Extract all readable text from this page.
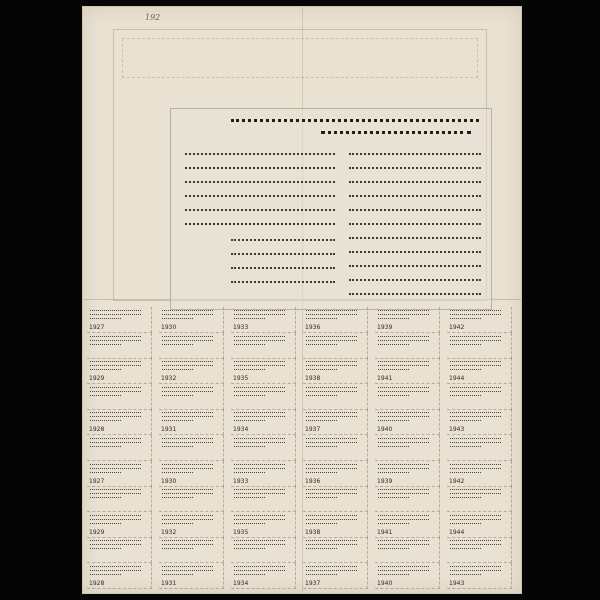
192
1927
1929
1928
1927
1929
1928
1930
1932
1931
1930
1932
1931
1933
1935
1934
1933
1935
1934
1936
1938
1937
1936
1938
1937
1939
1941
1940
1939
1941
1940
1942
1944
1943
1942
1944
1943
